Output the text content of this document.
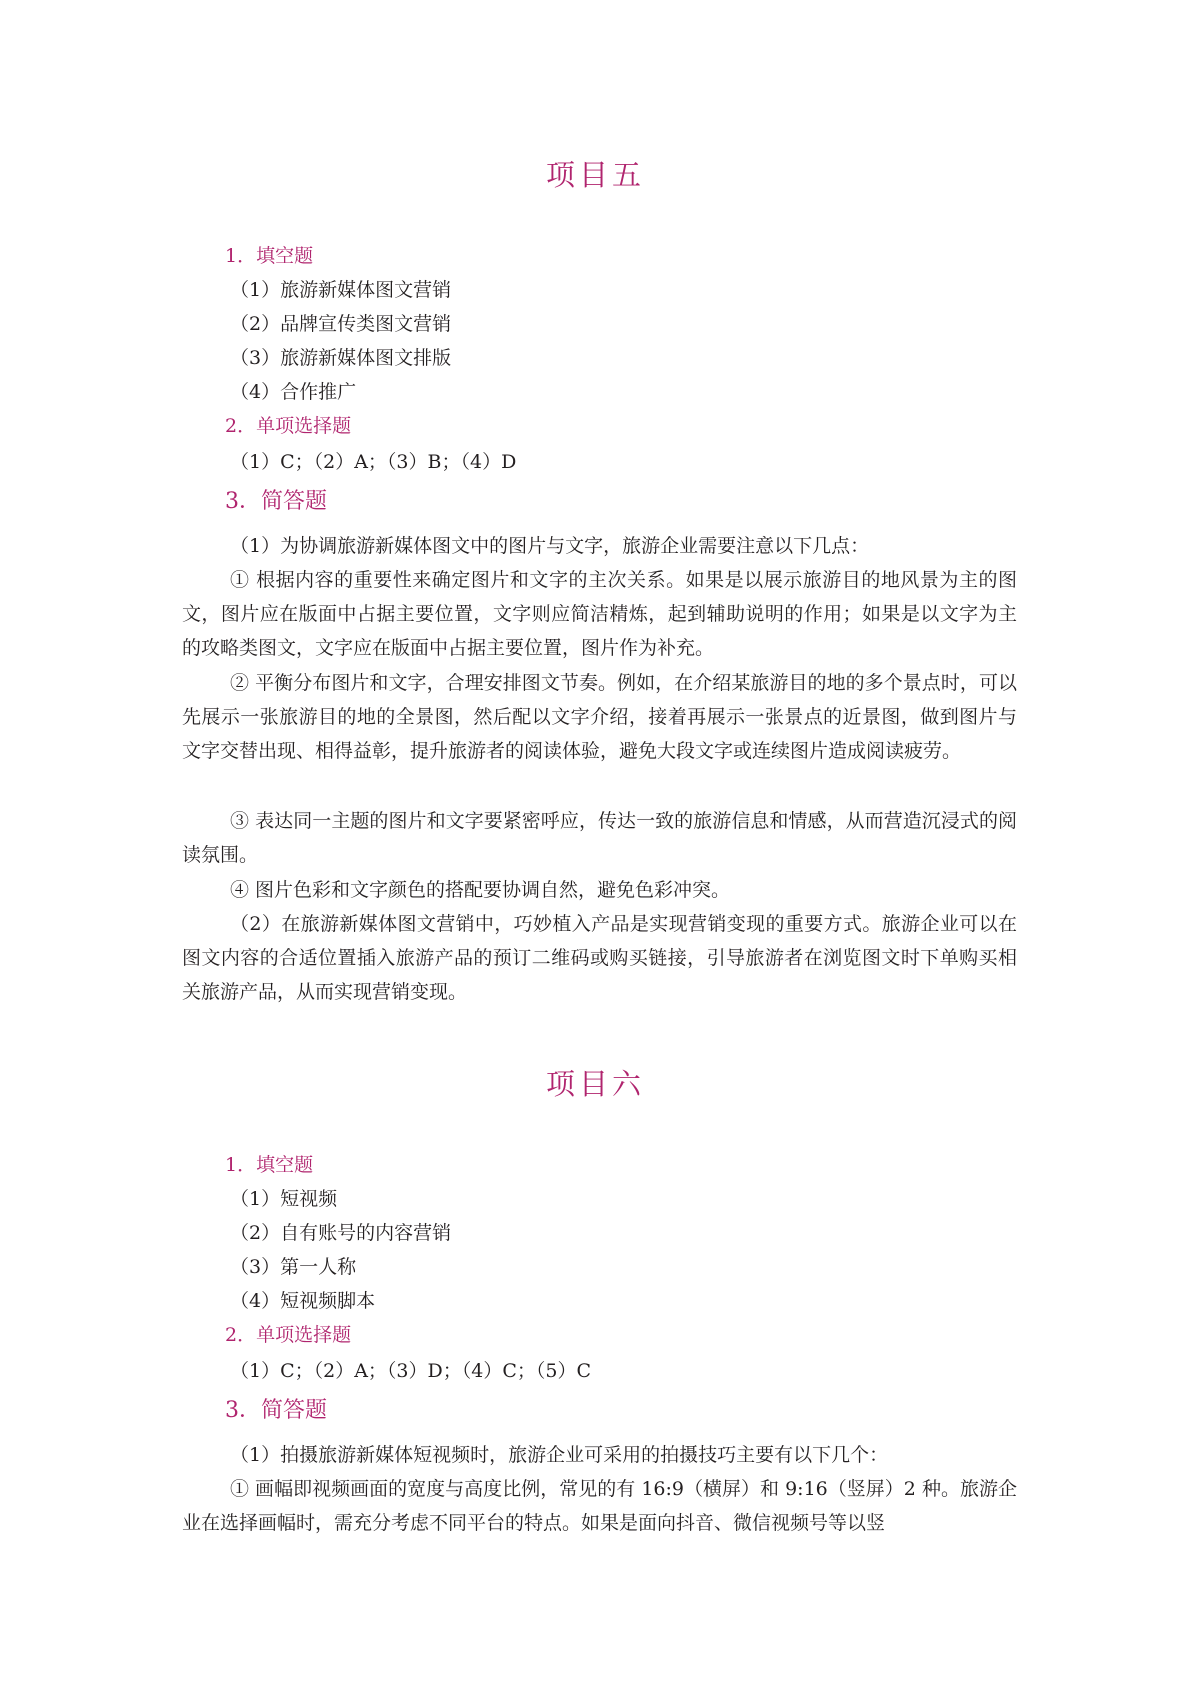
项目五
1．填空题
（1）旅游新媒体图文营销
（2）品牌宣传类图文营销
（3）旅游新媒体图文排版
（4）合作推广
2．单项选择题
（1）C；（2）A；（3）B；（4）D
3．简答题

（1）为协调旅游新媒体图文中的图片与文字，旅游企业需要注意以下几点：

① 根据内容的重要性来确定图片和文字的主次关系。如果是以展示旅游目的地风景为主的图文，图片应在版面中占据主要位置，文字则应简洁精炼，起到辅助说明的作用；如果是以文字为主的攻略类图文，文字应在版面中占据主要位置，图片作为补充。

② 平衡分布图片和文字，合理安排图文节奏。例如，在介绍某旅游目的地的多个景点时，可以先展示一张旅游目的地的全景图，然后配以文字介绍，接着再展示一张景点的近景图，做到图片与文字交替出现、相得益彰，提升旅游者的阅读体验，避免大段文字或连续图片造成阅读疲劳。

③ 表达同一主题的图片和文字要紧密呼应，传达一致的旅游信息和情感，从而营造沉浸式的阅读氛围。

④ 图片色彩和文字颜色的搭配要协调自然，避免色彩冲突。

（2）在旅游新媒体图文营销中，巧妙植入产品是实现营销变现的重要方式。旅游企业可以在图文内容的合适位置插入旅游产品的预订二维码或购买链接，引导旅游者在浏览图文时下单购买相关旅游产品，从而实现营销变现。

项目六
1．填空题
（1）短视频
（2）自有账号的内容营销
（3）第一人称
（4）短视频脚本
2．单项选择题
（1）C；（2）A；（3）D；（4）C；（5）C
3．简答题

（1）拍摄旅游新媒体短视频时，旅游企业可采用的拍摄技巧主要有以下几个：

① 画幅即视频画面的宽度与高度比例，常见的有 16:9（横屏）和 9:16（竖屏）2 种。旅游企业在选择画幅时，需充分考虑不同平台的特点。如果是面向抖音、微信视频号等以竖
